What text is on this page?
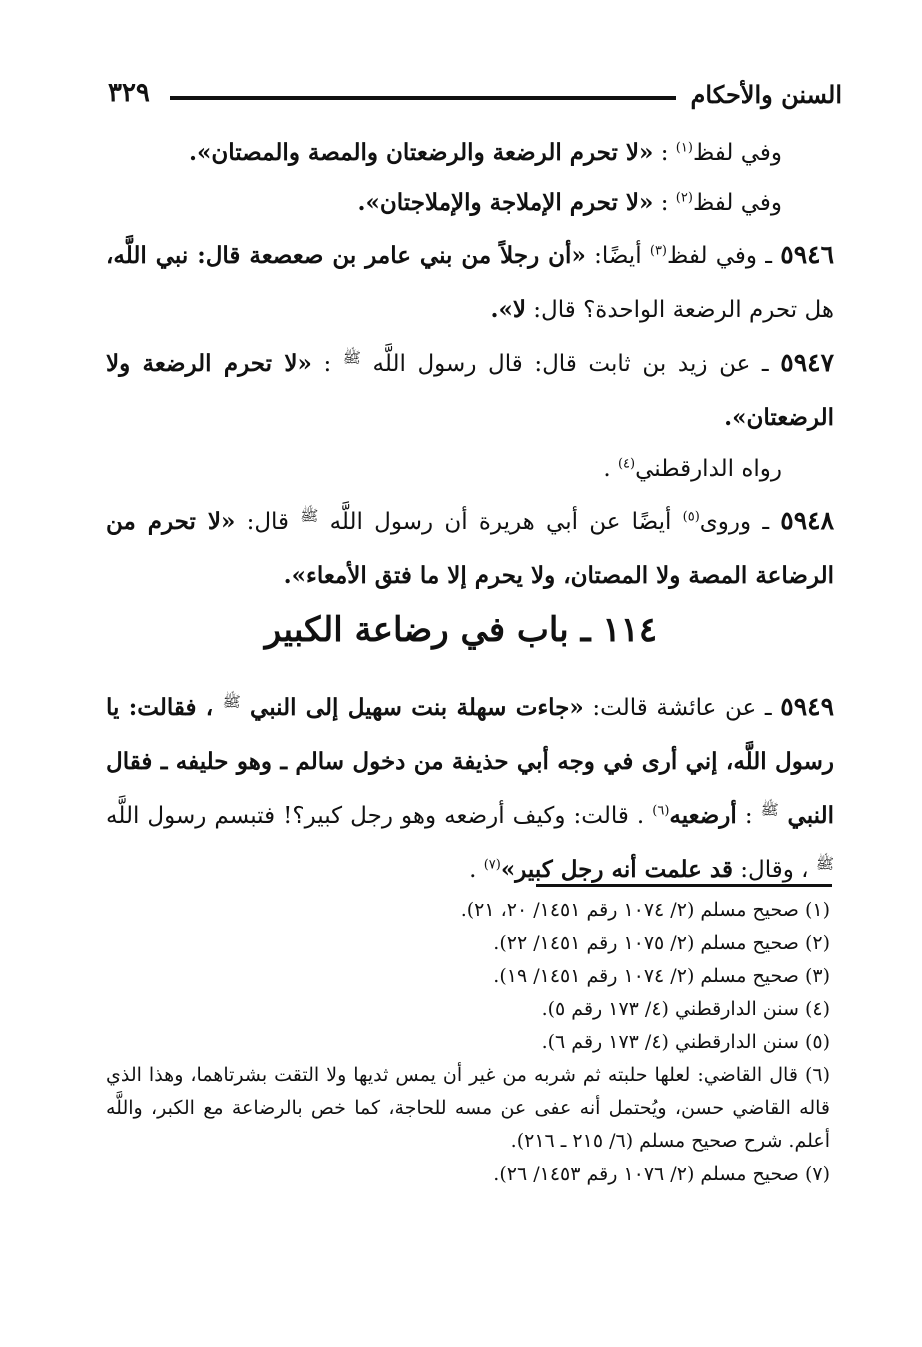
السنن والأحكام
٣٢٩

وفي لفظ$^{(١)}$ : «لا تحرم الرضعة والرضعتان والمصة والمصتان».

وفي لفظ$^{(٢)}$ : «لا تحرم الإملاجة والإملاجتان».

٥٩٤٦ ـ وفي لفظ$^{(٣)}$ أيضًا: «أن رجلاً من بني عامر بن صعصعة قال: نبي اللَّه، هل تحرم الرضعة الواحدة؟ قال: لا».

٥٩٤٧ ـ عن زيد بن ثابت قال: قال رسول اللَّه $^ﷺ$ : «لا تحرم الرضعة ولا الرضعتان».

رواه الدارقطني$^{(٤)}$ .

٥٩٤٨ ـ وروى$^{(٥)}$ أيضًا عن أبي هريرة أن رسول اللَّه $^ﷺ$ قال: «لا تحرم من الرضاعة المصة ولا المصتان، ولا يحرم إلا ما فتق الأمعاء».

١١٤ ـ باب في رضاعة الكبير

٥٩٤٩ ـ عن عائشة قالت: «جاءت سهلة بنت سهيل إلى النبي $^ﷺ$ ، فقالت: يا رسول اللَّه، إني أرى في وجه أبي حذيفة من دخول سالم ـ وهو حليفه ـ فقال النبي $^ﷺ$ : أرضعيه$^{(٦)}$ . قالت: وكيف أرضعه وهو رجل كبير؟! فتبسم رسول اللَّه $^ﷺ$ ، وقال: قد علمت أنه رجل كبير»$^{(٧)}$ .

(١) صحيح مسلم (٢/ ١٠٧٤ رقم ١٤٥١/ ٢٠، ٢١).

(٢) صحيح مسلم (٢/ ١٠٧٥ رقم ١٤٥١/ ٢٢).

(٣) صحيح مسلم (٢/ ١٠٧٤ رقم ١٤٥١/ ١٩).

(٤) سنن الدارقطني (٤/ ١٧٣ رقم ٥).

(٥) سنن الدارقطني (٤/ ١٧٣ رقم ٦).

(٦) قال القاضي: لعلها حلبته ثم شربه من غير أن يمس ثديها ولا التقت بشرتاهما، وهذا الذي قاله القاضي حسن، ويُحتمل أنه عفى عن مسه للحاجة، كما خص بالرضاعة مع الكبر، واللَّه أعلم. شرح صحيح مسلم (٦/ ٢١٥ ـ ٢١٦).

(٧) صحيح مسلم (٢/ ١٠٧٦ رقم ١٤٥٣/ ٢٦).
